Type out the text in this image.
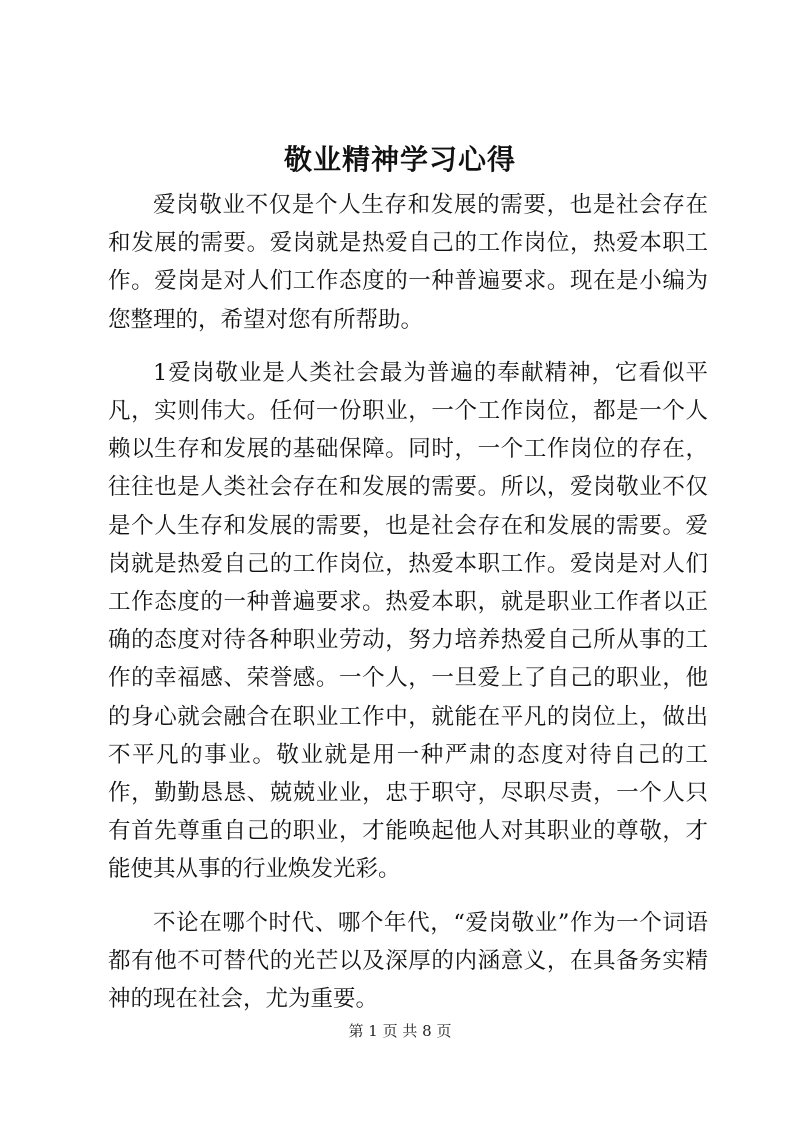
敬业精神学习心得

爱岗敬业不仅是个人生存和发展的需要，也是社会存在和发展的需要。爱岗就是热爱自己的工作岗位，热爱本职工作。爱岗是对人们工作态度的一种普遍要求。现在是小编为您整理的，希望对您有所帮助。

1爱岗敬业是人类社会最为普遍的奉献精神，它看似平凡，实则伟大。任何一份职业，一个工作岗位，都是一个人赖以生存和发展的基础保障。同时，一个工作岗位的存在，往往也是人类社会存在和发展的需要。所以，爱岗敬业不仅是个人生存和发展的需要，也是社会存在和发展的需要。爱岗就是热爱自己的工作岗位，热爱本职工作。爱岗是对人们工作态度的一种普遍要求。热爱本职，就是职业工作者以正确的态度对待各种职业劳动，努力培养热爱自己所从事的工作的幸福感、荣誉感。一个人，一旦爱上了自己的职业，他的身心就会融合在职业工作中，就能在平凡的岗位上，做出不平凡的事业。敬业就是用一种严肃的态度对待自己的工作，勤勤恳恳、兢兢业业，忠于职守，尽职尽责，一个人只有首先尊重自己的职业，才能唤起他人对其职业的尊敬，才能使其从事的行业焕发光彩。

不论在哪个时代、哪个年代，“爱岗敬业”作为一个词语都有他不可替代的光芒以及深厚的内涵意义，在具备务实精神的现在社会，尤为重要。

第 1 页 共 8 页
